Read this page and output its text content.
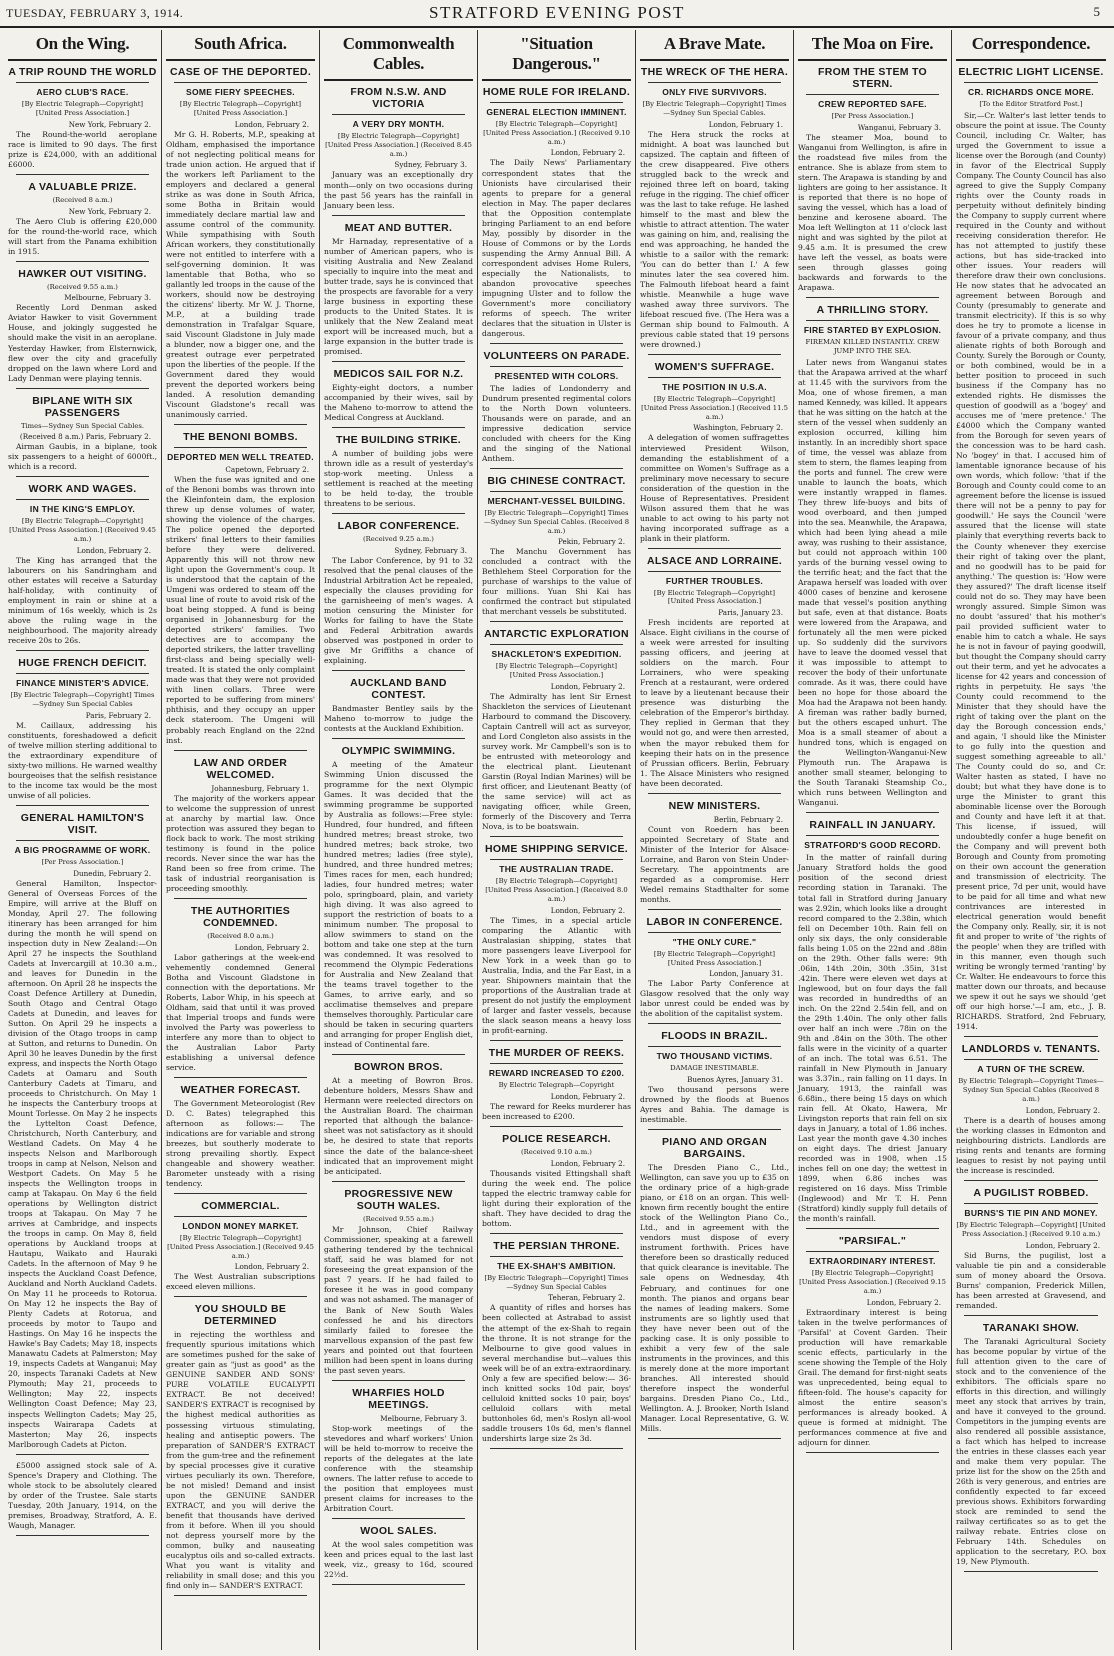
TUESDAY, FEBRUARY 3, 1914.	STRATFORD EVENING POST	5
On the Wing.
A TRIP ROUND THE WORLD
AERO CLUB'S RACE.
[By Electric Telegraph—Copyright] [United Press Association.]
New York, February 2.

The Round-the-world aeroplane race is limited to 90 days. The first prize is £24,000, with an additional £6000.

A VALUABLE PRIZE.
(Received 8 a.m.)
New York, February 2.

The Aero Club is offering £20,000 for the round-the-world race, which will start from the Panama exhibition in 1915.

HAWKER OUT VISITING.
(Received 9.55 a.m.)
Melbourne, February 3.

Recently Lord Denman asked Aviator Hawker to visit Government House, and jokingly suggested he should make the visit in an aeroplane. Yesterday Hawker, from Elsternwick, flew over the city and gracefully dropped on the lawn where Lord and Lady Denman were playing tennis.

BIPLANE WITH SIX PASSENGERS
Times—Sydney Sun Special Cables.
(Received 8 a.m.) Paris, February 2.

Airman Gaubis, in a biplane, took six passengers to a height of 6000ft., which is a record.

WORK AND WAGES.
IN THE KING'S EMPLOY.
[By Electric Telegraph—Copyright] [United Press Association.] (Received 9.45 a.m.)
London, February 2.

The King has arranged that the labourers on his Sandringham and other estates will receive a Saturday half-holiday, with continuity of employment in rain or shine at a minimum of 16s weekly, which is 2s above the ruling wage in the neighbourhood. The majority already receive 20s to 26s.

HUGE FRENCH DEFICIT.
FINANCE MINISTER'S ADVICE.
[By Electric Telegraph—Copyright] Times—Sydney Sun Special Cables
Paris, February 2.

M. Caillaux, addressing his constituents, foreshadowed a deficit of twelve million sterling additional to the extraordinary expenditure of sixty-two millions. He warned wealthy bourgeoises that the selfish resistance to the income tax would be the most unwise of all policies.

GENERAL HAMILTON'S VISIT.
A BIG PROGRAMME OF WORK.
[Per Press Association.]
Dunedin, February 2.

General Hamilton, Inspector-General of Overseas Forces of the Empire, will arrive at the Bluff on Monday, April 27. The following itinerary has been arranged for him during the month he will spend on inspection duty in New Zealand:—On April 27 he inspects the Southland Cadets at Invercargill at 10.30 a.m., and leaves for Dunedin in the afternoon. On April 28 he inspects the Coast Defence Artillery at Dunedin, South Otago and Central Otago Cadets at Dunedin, and leaves for Sutton. On April 29 he inspects a division of the Otago troops in camp at Sutton, and returns to Dunedin. On April 30 he leaves Dunedin by the first express, and inspects the North Otago Cadets at Oamaru and South Canterbury Cadets at Timaru, and proceeds to Christchurch. On May 1 he inspects the Canterbury troops at Mount Torlesse. On May 2 he inspects the Lyttelton Coast Defence, Christchurch, North Canterbury, and Westland Cadets. On May 4 he inspects Nelson and Marlborough troops in camp at Nelson, Nelson and Westport Cadets. On May 5 he inspects the Wellington troops in camp at Takapau. On May 6 the field operations by Wellington district troops at Takapau. On May 7 he arrives at Cambridge, and inspects the troops in camp. On May 8, field operations by Auckland troops at Hautapu, Waikato and Hauraki Cadets. In the afternoon of May 9 he inspects the Auckland Coast Defence, Auckland and North Auckland Cadets. On May 11 he proceeds to Rotorua. On May 12 he inspects the Bay of Plenty Cadets at Rotorua, and proceeds by motor to Taupo and Hastings. On May 16 he inspects the Hawke's Bay Cadets; May 18, inspects Manawatu Cadets at Palmerston; May 19, inspects Cadets at Wanganui; May 20, inspects Taranaki Cadets at New Plymouth; May 21, proceeds to Wellington; May 22, inspects Wellington Coast Defence; May 23, inspects Wellington Cadets; May 25, inspects Wairarapa Cadets at Masterton; May 26, inspects Marlborough Cadets at Picton.

£5000 assigned stock sale of A. Spence's Drapery and Clothing. The whole stock to be absolutely cleared by order of the Trustee. Sale starts Tuesday, 20th January, 1914, on the premises, Broadway, Stratford, A. E. Waugh, Manager.

South Africa.
CASE OF THE DEPORTED.
SOME FIERY SPEECHES.
[By Electric Telegraph—Copyright] [United Press Association.]
London, February 2.

Mr G. H. Roberts, M.P., speaking at Oldham, emphasised the importance of not neglecting political means for trade union action. He argued that if the workers left Parliament to the employers and declared a general strike as was done in South Africa, some Botha in Britain would immediately declare martial law and assume control of the community. While sympathising with South African workers, they constitutionally were not entitled to interfere with a self-governing dominion. It was lamentable that Botha, who so gallantly led troops in the cause of the workers, should now be destroying the citizens' liberty. Mr W. J. Thorne, M.P., at a building trade demonstration in Trafalgar Square, said Viscount Gladstone in July made a blunder, now a bigger one, and the greatest outrage ever perpetrated upon the liberties of the people. If the Government dared they would prevent the deported workers being landed. A resolution demanding Viscount Gladstone's recall was unanimously carried.

THE BENONI BOMBS.
DEPORTED MEN WELL TREATED.
Capetown, February 2.

When the fuse was ignited and one of the Benoni bombs was thrown into the Kleinfontein dam, the explosion threw up dense volumes of water, showing the violence of the charges. The police opened the deported strikers' final letters to their families before they were delivered. Apparently this will not throw new light upon the Government's coup. It is understood that the captain of the Umgeni was ordered to steam off the usual line of route to avoid risk of the boat being stopped. A fund is being organised in Johannesburg for the deported strikers' families. Two detectives are to accompany the deported strikers, the latter travelling first-class and being specially well-treated. It is stated the only complaint made was that they were not provided with linen collars. Three were reported to be suffering from miners' phthisis, and they occupy an upper deck stateroom. The Umgeni will probably reach England on the 22nd inst.

LAW AND ORDER WELCOMED.
Johannesburg, February 1.

The majority of the workers appear to welcome the suppression of unrest at anarchy by martial law. Once protection was assured they began to flock back to work. The most striking testimony is found in the police records. Never since the war has the Rand been so free from crime. The task of industrial reorganisation is proceeding smoothly.

THE AUTHORITIES CONDEMNED.
(Received 8.0 a.m.)
London, February 2.

Labor gatherings at the week-end vehemently condemned General Botha and Viscount Gladstone in connection with the deportations. Mr Roberts, Labor Whip, in his speech at Oldham, said that until it was proved that Imperial troops and funds were involved the Party was powerless to interfere any more than to object to the Australian Labor Party establishing a universal defence service.

WEATHER FORECAST.

The Government Meteorologist (Rev D. C. Bates) telegraphed this afternoon as follows:— The indications are for variable and strong breezes, but southerly moderate to strong prevailing shortly. Expect changeable and showery weather. Barometer unsteady with a rising tendency.

COMMERCIAL.
LONDON MONEY MARKET.
[By Electric Telegraph—Copyright] [United Press Association.] (Received 9.45 a.m.)
London, February 2.

The West Australian subscriptions exceed eleven millions.

YOU SHOULD BE DETERMINED

in rejecting the worthless and frequently spurious imitations which are sometimes pushed for the sake of greater gain as "just as good" as the GENUINE SANDER AND SONS' PURE VOLATILE EUCALYPTI EXTRACT. Be not deceived! SANDER'S EXTRACT is recognised by the highest medical authorities as possessing virtuous stimulating, healing and antiseptic powers. The preparation of SANDER'S EXTRACT from the gum-tree and the refinement by special processes give it curative virtues peculiarly its own. Therefore, be not misled! Demand and insist upon the GENUINE SANDER EXTRACT, and you will derive the benefit that thousands have derived from it before. When ill you should not depress yourself more by the common, bulky and nauseating eucalyptus oils and so-called extracts. What you want is vitality and reliability in small dose; and this you find only in— SANDER'S EXTRACT.

Commonwealth Cables.
FROM N.S.W. AND VICTORIA
A VERY DRY MONTH.
[By Electric Telegraph—Copyright] [United Press Association.] (Received 8.45 a.m.)
Sydney, February 3.

January was an exceptionally dry month—only on two occasions during the past 56 years has the rainfall in January been less.

MEAT AND BUTTER.

Mr Harnaday, representative of a number of American papers, who is visiting Australia and New Zealand specially to inquire into the meat and butter trade, says he is convinced that the prospects are favorable for a very large business in exporting these products to the United States. It is unlikely that the New Zealand meat export will be increased much, but a large expansion in the butter trade is promised.

MEDICOS SAIL FOR N.Z.

Eighty-eight doctors, a number accompanied by their wives, sail by the Maheno to-morrow to attend the Medical Congress at Auckland.

THE BUILDING STRIKE.

A number of building jobs were thrown idle as a result of yesterday's stop-work meeting. Unless a settlement is reached at the meeting to be held to-day, the trouble threatens to be serious.

LABOR CONFERENCE.
(Received 9.25 a.m.)
Sydney, February 3.

The Labor Conference, by 91 to 32 resolved that the penal clauses of the Industrial Arbitration Act be repealed, especially the clauses providing for the garnisheeing of men's wages. A motion censuring the Minister for Works for failing to have the State and Federal Arbitration awards observed was postponed in order to give Mr Griffiths a chance of explaining.

AUCKLAND BAND CONTEST.

Bandmaster Bentley sails by the Maheno to-morrow to judge the contests at the Auckland Exhibition.

OLYMPIC SWIMMING.

A meeting of the Amateur Swimming Union discussed the programme for the next Olympic Games. It was decided that the swimming programme be supported by Australia as follows:—Free style: Hundred, four hundred, and fifteen hundred metres; breast stroke, two hundred metres; back stroke, two hundred metres; ladies (free style), hundred, and three hundred metres; Times races for men, each hundred; ladies, four hundred metres; water polo, springboard, plain, and variety high diving. It was also agreed to support the restriction of boats to a minimum number. The proposal to allow swimmers to stand on the bottom and take one step at the turn was condemned. It was resolved to recommend the Olympic Federations for Australia and New Zealand that the teams travel together to the Games, to arrive early, and so acclimatise themselves and prepare themselves thoroughly. Particular care should be taken in securing quarters and arranging for proper English diet, instead of Continental fare.

BOWRON BROS.

At a meeting of Bowron Bros. debenture holders, Messrs Shaw and Hermann were reelected directors on the Australian Board. The chairman reported that although the balance-sheet was not satisfactory as it should be, he desired to state that reports since the date of the balance-sheet indicated that an improvement might be anticipated.

PROGRESSIVE NEW SOUTH WALES.
(Received 9.55 a.m.)

Mr Johnson, Chief Railway Commissioner, speaking at a farewell gathering tendered by the technical staff, said he was blamed for not foreseeing the great expansion of the past 7 years. If he had failed to foresee it he was in good company and was not ashamed. The manager of the Bank of New South Wales confessed he and his directors similarly failed to foresee the marvellous expansion of the past few years and pointed out that fourteen million had been spent in loans during the past seven years.

WHARFIES HOLD MEETINGS.
Melbourne, February 3.

Stop-work meetings of the stevedores and wharf workers' Union will be held to-morrow to receive the reports of the delegates at the late conference with the steamship owners. The latter refuse to accede to the position that employees must present claims for increases to the Arbitration Court.

WOOL SALES.

At the wool sales competition was keen and prices equal to the last last week, viz., greasy to 16d, scoured 22½d.

"Situation Dangerous."
HOME RULE FOR IRELAND.
GENERAL ELECTION IMMINENT.
[By Electric Telegraph—Copyright] [United Press Association.] (Received 9.10 a.m.)
London, February 2.

The Daily News' Parliamentary correspondent states that the Unionists have circularised their agents to prepare for a general election in May. The paper declares that the Opposition contemplate bringing Parliament to an end before May, possibly by disorder in the House of Commons or by the Lords suspending the Army Annual Bill. A correspondent advises Home Rulers, especially the Nationalists, to abandon provocative speeches impugning Ulster and to follow the Government's more conciliatory reforms of speech. The writer declares that the situation in Ulster is dangerous.

VOLUNTEERS ON PARADE.
PRESENTED WITH COLORS.

The ladies of Londonderry and Dundrum presented regimental colors to the North Down volunteers. Thousands were on parade, and an impressive dedication service concluded with cheers for the King and the singing of the National Anthem.

BIG CHINESE CONTRACT.
MERCHANT-VESSEL BUILDING.
[By Electric Telegraph—Copyright] Times—Sydney Sun Special Cables. (Received 8 a.m.)
Pekin, February 2.

The Manchu Government has concluded a contract with the Bethlehem Steel Corporation for the purchase of warships to the value of four millions. Yuan Shi Kai has confirmed the contract but stipulated that merchant vessels be substituted.

ANTARCTIC EXPLORATION
SHACKLETON'S EXPEDITION.
[By Electric Telegraph—Copyright] [United Press Association.]
London, February 2.

The Admiralty has lent Sir Ernest Shackleton the services of Lieutenant Harbourd to command the Discovery. Captain Cantrell will act as surveyor, and Lord Congleton also assists in the survey work. Mr Campbell's son is to be entrusted with meteorology and the electrical plant. Lieutenant Garstin (Royal Indian Marines) will be first officer, and Lieutenant Beatty (of the same service) will act as navigating officer, while Green, formerly of the Discovery and Terra Nova, is to be boatswain.

HOME SHIPPING SERVICE.
THE AUSTRALIAN TRADE.
[By Electric Telegraph—Copyright] [United Press Association.] (Received 8.0 a.m.)
London, February 2.

The Times, in a special article comparing the Atlantic with Australasian shipping, states that more passengers leave Liverpool for New York in a week than go to Australia, India, and the Far East, in a year. Shipowners maintain that the proportions of the Australian trade at present do not justify the employment of larger and faster vessels, because the slack season means a heavy loss in profit-earning.

THE MURDER OF REEKS.
REWARD INCREASED TO £200.
By Electric Telegraph—Copyright
London, February 2.

The reward for Reeks murderer has been increased to £200.

POLICE RESEARCH.
(Received 9.10 a.m.)
London, February 2.

Thousands visited Ettingshall shaft during the week end. The police tapped the electric tramway cable for light during their exploration of the shaft. They have decided to drag the bottom.

THE PERSIAN THRONE.
THE EX-SHAH'S AMBITION.
[By Electric Telegraph—Copyright] Times—Sydney Sun Special Cables
Teheran, February 2.

A quantity of rifles and horses has been collected at Astrabad to assist the attempt of the ex-Shah to regain the throne. It is not strange for the Melbourne to give good values in several merchandise but—values this week will be of an extra-extraordinary. Only a few are specified below:— 36-inch knitted socks 10d pair, boys' celluloid knitted socks 10 pair, boys' celluloid collars with metal buttonholes 6d, men's Roslyn all-wool saddle trousers 10s 6d, men's flannel undershirts large size 2s 3d.

A Brave Mate.
THE WRECK OF THE HERA.
ONLY FIVE SURVIVORS.
[By Electric Telegraph—Copyright] Times—Sydney Sun Special Cables.
London, February 1.

The Hera struck the rocks at midnight. A boat was launched but capsized. The captain and fifteen of the crew disappeared. Five others struggled back to the wreck and rejoined three left on board, taking refuge in the rigging. The chief officer was the last to take refuge. He lashed himself to the mast and blew the whistle to attract attention. The water was gaining on him, and, realising the end was approaching, he handed the whistle to a sailor with the remark: 'You can do better than I.' A few minutes later the sea covered him. The Falmouth lifeboat heard a faint whistle. Meanwhile a huge wave washed away three survivors. The lifeboat rescued five. (The Hera was a German ship bound to Falmouth. A previous cable stated that 19 persons were drowned.)

WOMEN'S SUFFRAGE.
THE POSITION IN U.S.A.
[By Electric Telegraph—Copyright] [United Press Association.] (Received 11.5 a.m.)
Washington, February 2.

A delegation of women suffragettes interviewed President Wilson, demanding the establishment of a committee on Women's Suffrage as a preliminary move necessary to secure consideration of the question in the House of Representatives. President Wilson assured them that he was unable to act owing to his party not having incorporated suffrage as a plank in their platform.

ALSACE AND LORRAINE.
FURTHER TROUBLES.
[By Electric Telegraph—Copyright] [United Press Association.]
Paris, January 23.

Fresh incidents are reported at Alsace. Eight civilians in the course of a week were arrested for insulting passing officers, and jeering at soldiers on the march. Four Lorrainers, who were speaking French at a restaurant, were ordered to leave by a lieutenant because their presence was disturbing the celebration of the Emperor's birthday. They replied in German that they would not go, and were then arrested, when the mayor rebuked them for keeping their hats on in the presence of Prussian officers. Berlin, February 1. The Alsace Ministers who resigned have been decorated.

NEW MINISTERS.
Berlin, February 2.

Count von Roedern has been appointed Secretary of State and Minister of the Interior for Alsace-Lorraine, and Baron von Stein Under-Secretary. The appointments are regarded as a compromise. Herr Wedel remains Stadthalter for some months.

LABOR IN CONFERENCE.
"THE ONLY CURE."
[By Electric Telegraph—Copyright] [United Press Association.]
London, January 31.

The Labor Party Conference at Glasgow resolved that the only way labor unrest could be ended was by the abolition of the capitalist system.

FLOODS IN BRAZIL.
TWO THOUSAND VICTIMS.
DAMAGE INESTIMABLE.
Buenos Ayres, January 31.

Two thousand persons were drowned by the floods at Buenos Ayres and Bahia. The damage is inestimable.

PIANO AND ORGAN BARGAINS.

The Dresden Piano C., Ltd., Wellington, can save you up to £35 on the ordinary price of a high-grade piano, or £18 on an organ. This well-known firm recently bought the entire stock of the Wellington Piano Co., Ltd., and in agreement with the vendors must dispose of every instrument forthwith. Prices have therefore been so drastically reduced that quick clearance is inevitable. The sale opens on Wednesday, 4th February, and continues for one month. The pianos and organs bear the names of leading makers. Some instruments are so lightly used that they have never been out of the packing case. It is only possible to exhibit a very few of the sale instruments in the provinces, and this is merely done at the more important branches. All interested should therefore inspect the wonderful bargains. Dresden Piano Co., Ltd., Wellington. A. J. Brooker, North Island Manager. Local Representative, G. W. Mills.

The Moa on Fire.
FROM THE STEM TO STERN.
CREW REPORTED SAFE.
[Per Press Association.]
Wanganui, February 3.

The steamer Moa, bound to Wanganui from Wellington, is afire in the roadstead five miles from the entrance. She is ablaze from stem to stern. The Arapawa is standing by and lighters are going to her assistance. It is reported that there is no hope of saving the vessel, which has a load of benzine and kerosene aboard. The Moa left Wellington at 11 o'clock last night and was sighted by the pilot at 9.45 a.m. It is presumed the crew have left the vessel, as boats were seen through glasses going backwards and forwards to the Arapawa.

A THRILLING STORY.
FIRE STARTED BY EXPLOSION.
FIREMAN KILLED INSTANTLY. CREW JUMP INTO THE SEA.

Later news from Wanganui states that the Arapawa arrived at the wharf at 11.45 with the survivors from the Moa, one of whose firemen, a man named Kennedy, was killed. It appears that he was sitting on the hatch at the stern of the vessel when suddenly an explosion occurred, killing him instantly. In an incredibly short space of time, the vessel was ablaze from stem to stern, the flames leaping from the ports and funnel. The crew were unable to launch the boats, which were instantly wrapped in flames. They threw life-buoys and bits of wood overboard, and then jumped into the sea. Meanwhile, the Arapawa, which had been lying ahead a mile away, was rushing to their assistance, but could not approach within 100 yards of the burning vessel owing to the terrific heat; and the fact that the Arapawa herself was loaded with over 4000 cases of benzine and kerosene made that vessel's position anything but safe, even at that distance. Boats were lowered from the Arapawa, and fortunately all the men were picked up. So suddenly did the survivors have to leave the doomed vessel that it was impossible to attempt to recover the body of their unfortunate comrade. As it was, there could have been no hope for those aboard the Moa had the Arapawa not been handy. A fireman was rather badly burned, but the others escaped unhurt. The Moa is a small steamer of about a hundred tons, which is engaged on the Wellington-Wanganui-New Plymouth run. The Arapawa is another small steamer, belonging to the South Taranaki Steamship Co., which runs between Wellington and Wanganui.

RAINFALL IN JANUARY.
STRATFORD'S GOOD RECORD.

In the matter of rainfall during January Stratford holds the good position of the second driest recording station in Taranaki. The total fall in Stratford during January was 2.92in, which looks like a drought record compared to the 2.38in, which fell on December 10th. Rain fell on only six days, the only considerable falls being 1.05 on the 22nd and .88in on the 29th. Other falls were: 9th .06in, 14th .20in, 30th .35in, 31st .42in. There were eleven wet days at Inglewood, but on four days the fall was recorded in hundredths of an inch. On the 22nd 2.54in fell, and on the 29th 1.40in. The only other falls over half an inch were .78in on the 9th and .84in on the 30th. The other falls were in the vicinity of a quarter of an inch. The total was 6.51. The rainfall in New Plymouth in January was 3.37in., rain falling on 11 days. In January, 1913, the rainfall was 6.68in., there being 15 days on which rain fell. At Okato, Hawera, Mr Livingston reports that rain fell on six days in January, a total of 1.86 inches. Last year the month gave 4.30 inches on eight days. The driest January recorded was in 1908, when .15 inches fell on one day; the wettest in 1899, when 6.86 inches was registered on 16 days. Miss Trimble (Inglewood) and Mr T. H. Penn (Stratford) kindly supply full details of the month's rainfall.

"PARSIFAL."
EXTRAORDINARY INTEREST.
[By Electric Telegraph—Copyright] [United Press Association.] (Received 9.15 a.m.)
London, February 2.

Extraordinary interest is being taken in the twelve performances of 'Parsifal' at Covent Garden. Their production will have remarkable scenic effects, particularly in the scene showing the Temple of the Holy Grail. The demand for first-night seats was unprecedented, being equal to fifteen-fold. The house's capacity for almost the entire season's performances is already booked. A queue is formed at midnight. The performances commence at five and adjourn for dinner.

Correspondence.
ELECTRIC LIGHT LICENSE.
CR. RICHARDS ONCE MORE.
[To the Editor Stratford Post.]

Sir,—Cr. Walter's last letter tends to obscure the point at issue. The County Council, including Cr. Walter, has urged the Government to issue a license over the Borough (and County) in favor of the Electrical Supply Company. The County Council has also agreed to give the Supply Company rights over the County roads in perpetuity without definitely binding the Company to supply current where required in the County and without receiving consideration therefor. He has not attempted to justify these actions, but has side-tracked into other issues. Your readers will therefore draw their own conclusions. He now states that he advocated an agreement between Borough and County (presumably to generate and transmit electricity). If this is so why does he try to promote a license in favour of a private company, and thus alienate rights of both Borough and County. Surely the Borough or County, or both combined, would be in a better position to proceed in such business if the Company has no extended rights. He dismisses the question of goodwill as a 'bogey' and accuses me of 'mere pretence.' The £4000 which the Company wanted from the Borough for seven years of the concession was to be hard cash. No 'bogey' in that. I accused him of lamentable ignorance because of his own words, which follow: 'that if the Borough and County could come to an agreement before the license is issued there will not be a penny to pay for goodwill.' He says the Council 'were assured that the license will state plainly that everything reverts back to the County whenever they exercise their right of taking over the plant, and no goodwill has to be paid for anything.' The question is: 'How were they assured?' The draft license itself could not do so. They may have been wrongly assured. Simple Simon was no doubt 'assured' that his mother's pail provided sufficient water to enable him to catch a whale. He says he is not in favour of paying goodwill, but thought the Company should carry out their term, and yet he advocates a license for 42 years and concession of rights in perpetuity. He says 'the County could recommend to the Minister that they should have the right of taking over the plant on the day the Borough concession ends,' and again, 'I should like the Minister to go fully into the question and suggest something agreeable to all.' The County could do so, and Cr. Walter hasten as stated, I have no doubt; but what they have done is to urge the Minister to grant this abominable license over the Borough and County and have left it at that. This license, if issued, will undoubtedly confer a huge benefit on the Company and will prevent both Borough and County from promoting on their own account the generation and transmission of electricity. The present price, 7d per unit, would have to be paid for all time and what new contrivances are interested in electrical generation would benefit the Company only. Really, sir, it is not fit and proper to write of 'the rights of the people' when they are trifled with in this manner, even though such writing be wrongly termed 'ranting' by Cr. Walter. He endeavours to force this matter down our throats, and because we spew it out he says we should 'get off our high horse.'—I am, etc., J. B. RICHARDS. Stratford, 2nd February, 1914.

LANDLORDS v. TENANTS.
A TURN OF THE SCREW.
By Electric Telegraph—Copyright Times—Sydney Sun Special Cables (Received 8 a.m.)
London, February 2.

There is a dearth of houses among the working classes in Edmonton and neighbouring districts. Landlords are rising rents and tenants are forming leagues to resist by not paying until the increase is rescinded.

A PUGILIST ROBBED.
BURNS'S TIE PIN AND MONEY.
[By Electric Telegraph—Copyright] [United Press Association.] (Received 9.10 a.m.)
London, February 2.

Sid Burns, the pugilist, lost a valuable tie pin and a considerable sum of money aboard the Orsova. Burns' companion, Frederick Millen, has been arrested at Gravesend, and remanded.

TARANAKI SHOW.

The Taranaki Agricultural Society has become popular by virtue of the full attention given to the care of stock and to the convenience of the exhibitors. The officials spare no efforts in this direction, and willingly meet any stock that arrives by train, and have it conveyed to the ground. Competitors in the jumping events are also rendered all possible assistance, a fact which has helped to increase the entries in these classes each year and make them very popular. The prize list for the show on the 25th and 26th is very generous, and entries are confidently expected to far exceed previous shows. Exhibitors forwarding stock are reminded to send the railway certificates so as to get the railway rebate. Entries close on February 14th. Schedules on application to the secretary, P.O. box 19, New Plymouth.
